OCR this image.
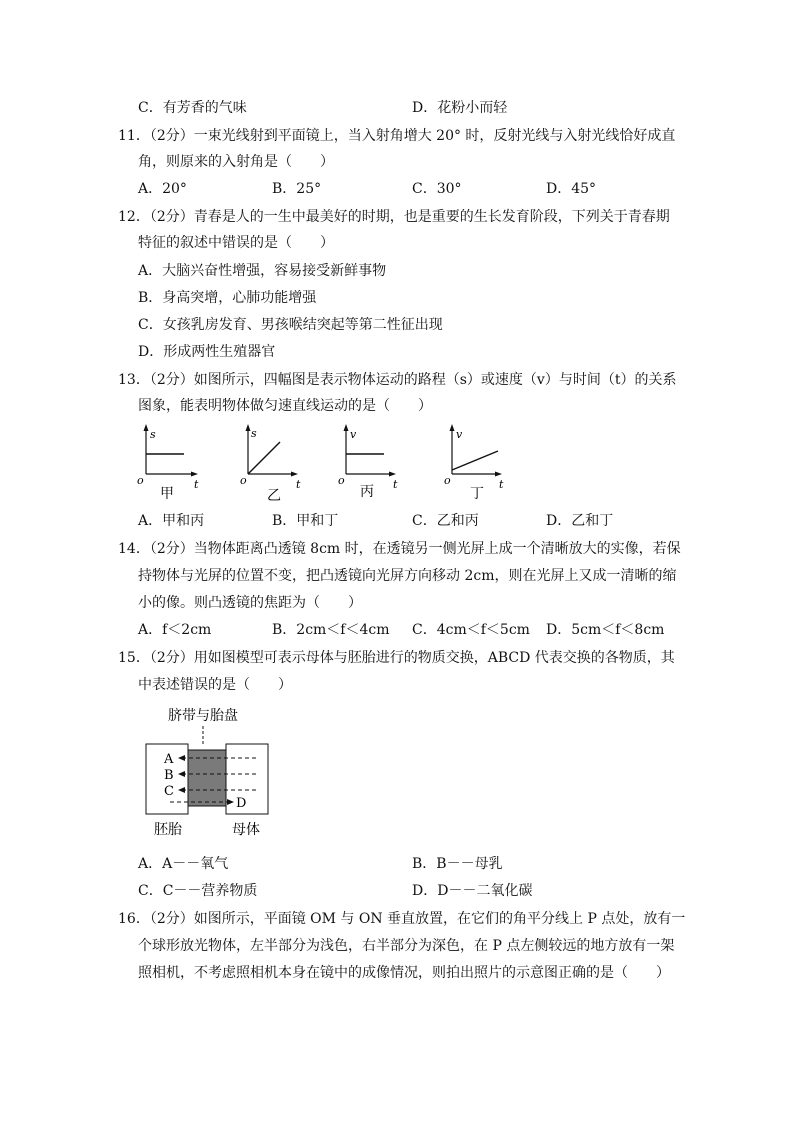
C．有芳香的气味	D．花粉小而轻
11．（2分）一束光线射到平面镜上，当入射角增大 20° 时，反射光线与入射光线恰好成直
角，则原来的入射角是（　　）
A．20°	B．25°	C．30°	D．45°
12．（2分）青春是人的一生中最美好的时期，也是重要的生长发育阶段，下列关于青春期
特征的叙述中错误的是（　　）
A．大脑兴奋性增强，容易接受新鲜事物
B．身高突增，心肺功能增强
C．女孩乳房发育、男孩喉结突起等第二性征出现
D．形成两性生殖器官
13．（2分）如图所示，四幅图是表示物体运动的路程（s）或速度（v）与时间（t）的关系
图象，能表明物体做匀速直线运动的是（　　）
s
t
o
甲
s
t
o
乙
v
t
o
丙
v
t
o
丁
A．甲和丙	B．甲和丁	C．乙和丙	D．乙和丁
14．（2分）当物体距离凸透镜 8cm 时，在透镜另一侧光屏上成一个清晰放大的实像，若保
持物体与光屏的位置不变，把凸透镜向光屏方向移动 2cm，则在光屏上又成一清晰的缩
小的像。则凸透镜的焦距为（　　）
A．f＜2cm	B．2cm＜f＜4cm C．4cm＜f＜5cm D．5cm＜f＜8cm
15．（2分）用如图模型可表示母体与胚胎进行的物质交换，ABCD 代表交换的各物质，其
中表述错误的是（　　）
脐带与胎盘
A
B
C
D
胚胎	母体
A．A－－氧气	B．B－－母乳
C．C－－营养物质	D．D－－二氧化碳
16．（2分）如图所示，平面镜 OM 与 ON 垂直放置，在它们的角平分线上 P 点处，放有一
个球形放光物体，左半部分为浅色，右半部分为深色，在 P 点左侧较远的地方放有一架
照相机，不考虑照相机本身在镜中的成像情况，则拍出照片的示意图正确的是（　　）
